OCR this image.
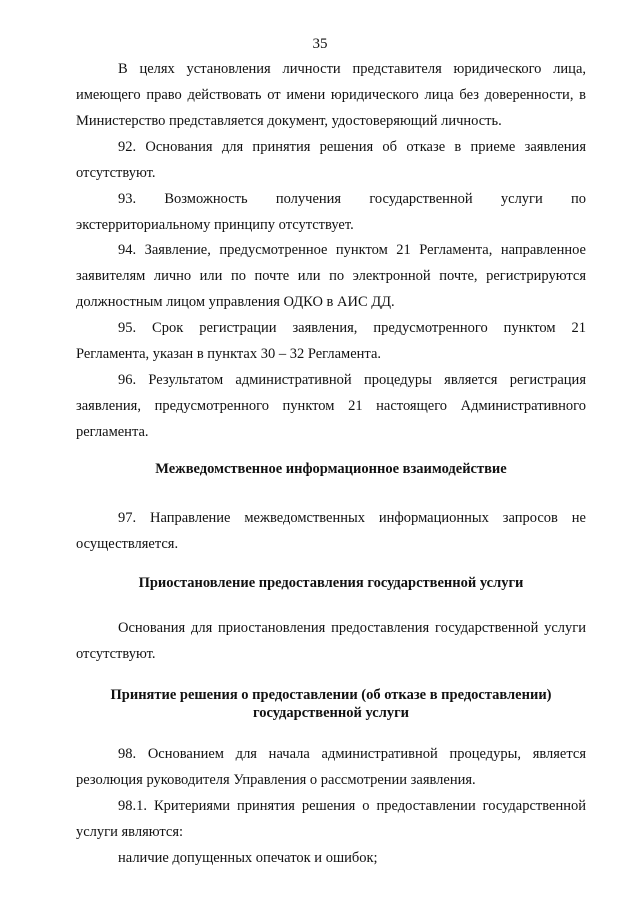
35

В целях установления личности представителя юридического лица, имеющего право действовать от имени юридического лица без доверенности, в Министерство представляется документ, удостоверяющий личность.

92. Основания для принятия решения об отказе в приеме заявления отсутствуют.

93. Возможность получения государственной услуги по экстерриториальному принципу отсутствует.

94. Заявление, предусмотренное пунктом 21 Регламента, направленное заявителям лично или по почте или по электронной почте, регистрируются должностным лицом управления ОДКО в АИС ДД.

95. Срок регистрации заявления, предусмотренного пунктом 21 Регламента, указан в пунктах 30 – 32 Регламента.

96. Результатом административной процедуры является регистрация заявления, предусмотренного пунктом 21 настоящего Административного регламента.

Межведомственное информационное взаимодействие

97. Направление межведомственных информационных запросов не осуществляется.

Приостановление предоставления государственной услуги

Основания для приостановления предоставления государственной услуги отсутствуют.

Принятие решения о предоставлении (об отказе в предоставлении)

государственной услуги

98. Основанием для начала административной процедуры, является резолюция руководителя Управления о рассмотрении заявления.

98.1. Критериями принятия решения о предоставлении государственной услуги являются:

наличие допущенных опечаток и ошибок;
